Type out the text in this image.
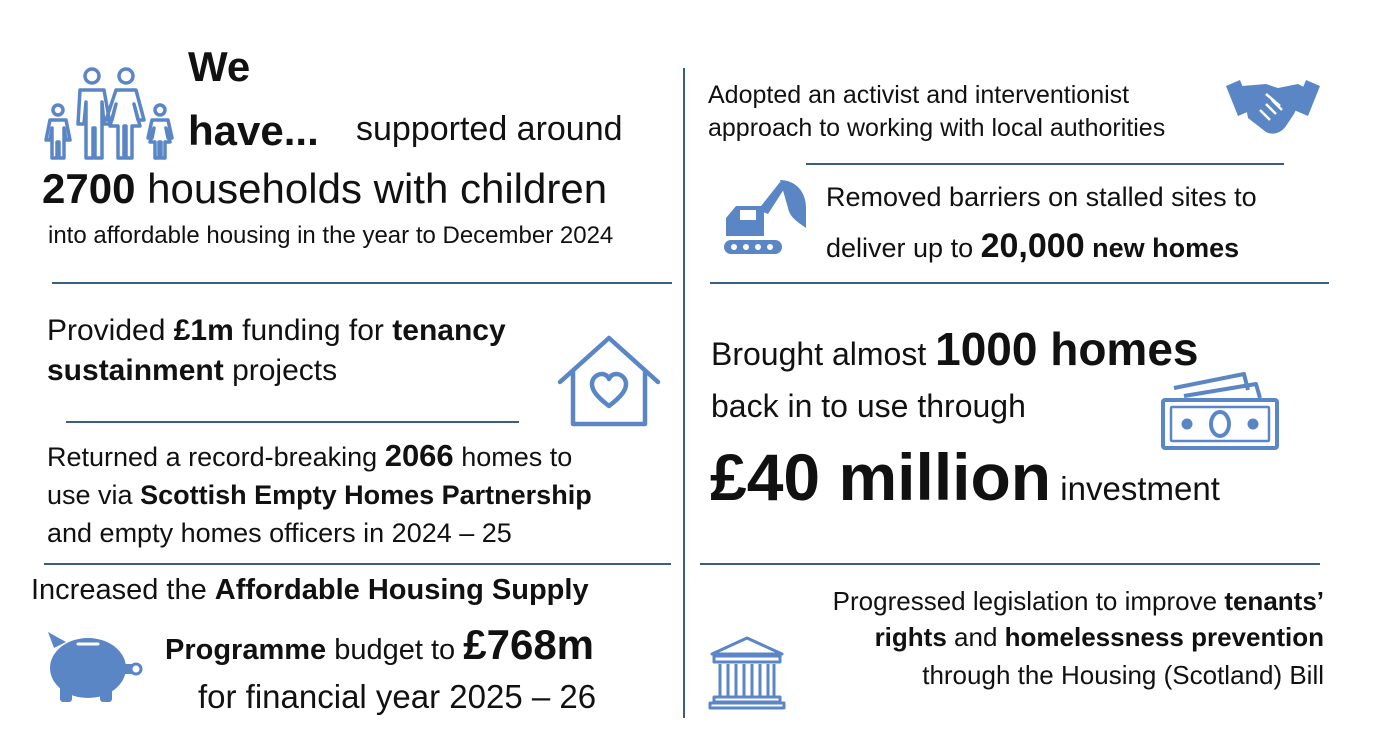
We
have... supported around
2700 households with children
into affordable housing in the year to December 2024
Provided £1m funding for tenancy
sustainment projects
Returned a record-breaking 2066 homes to
use via Scottish Empty Homes Partnership
and empty homes officers in 2024 – 25
Increased the Affordable Housing Supply
Programme budget to £768m
for financial year 2025 – 26
Adopted an activist and interventionist
approach to working with local authorities
Removed barriers on stalled sites to
deliver up to 20,000 new homes
Brought almost 1000 homes
back in to use through
£40 million investment
Progressed legislation to improve tenants’
rights and homelessness prevention
through the Housing (Scotland) Bill
